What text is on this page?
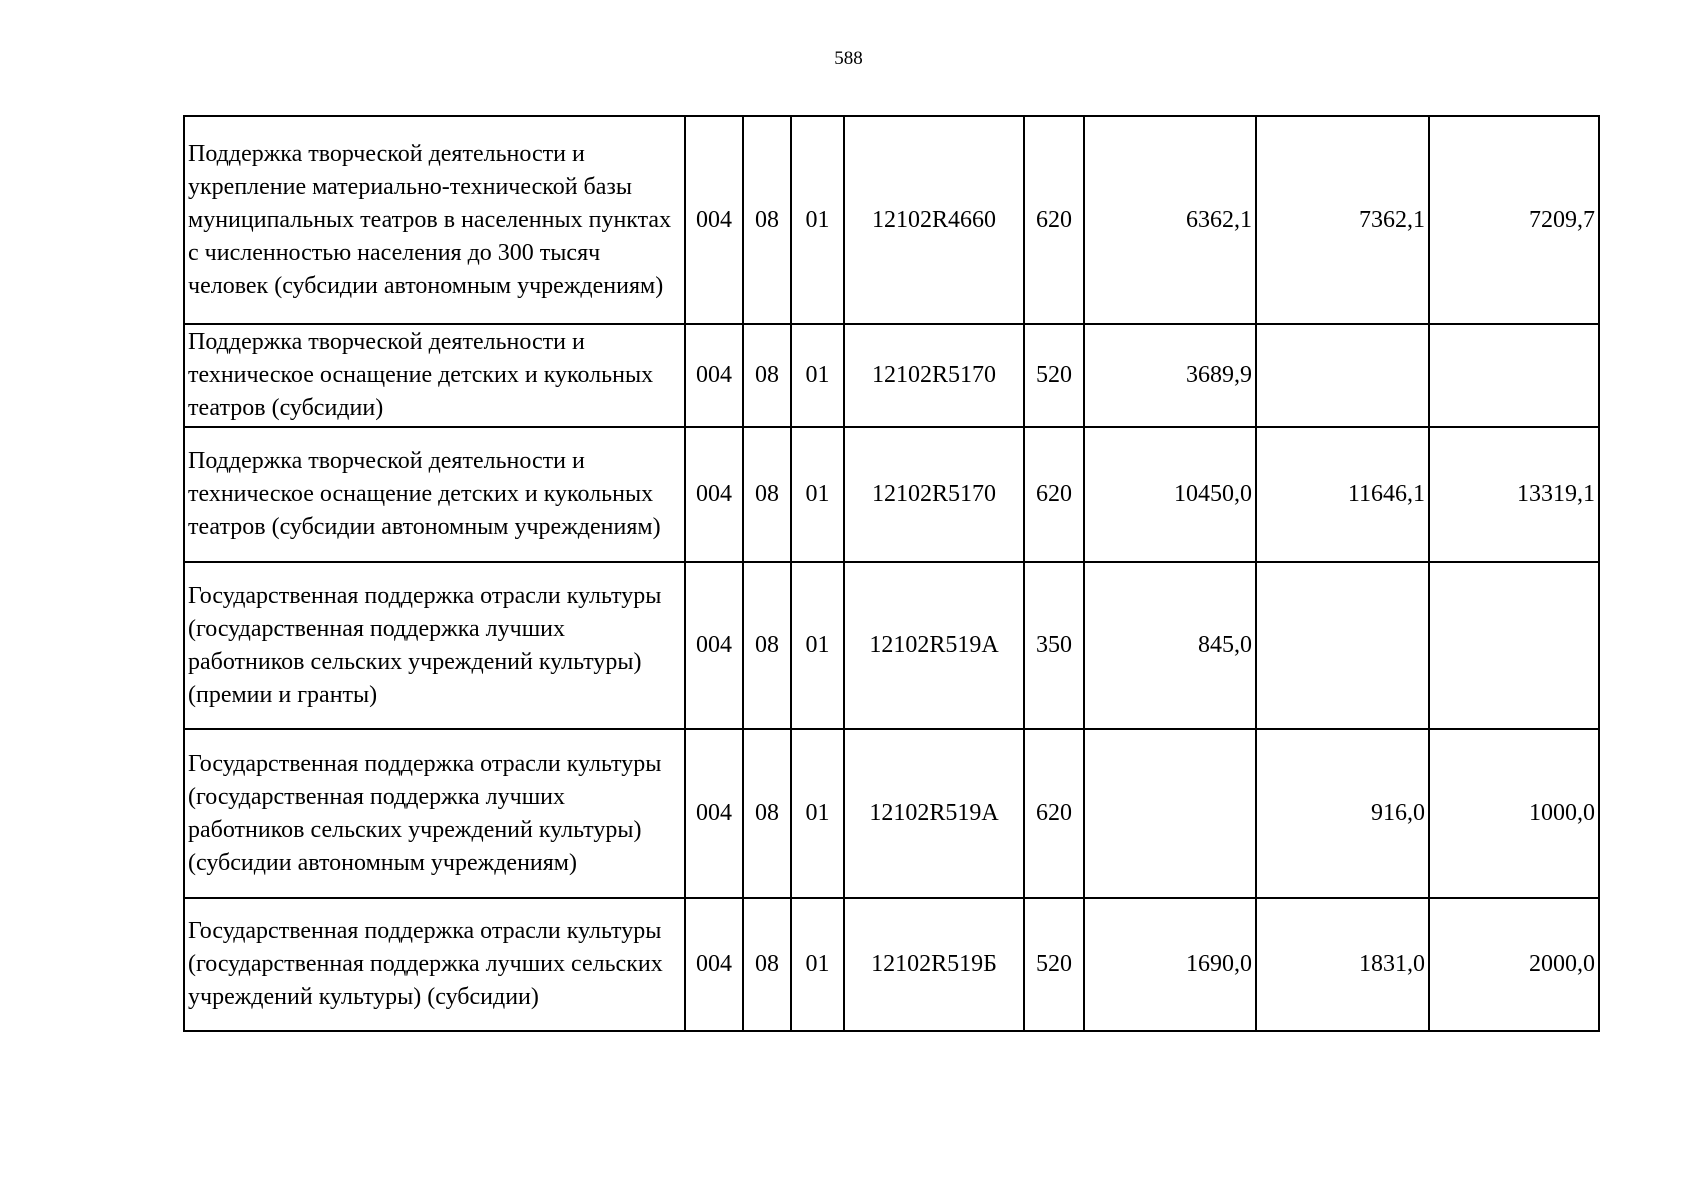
588
Поддержка творческой деятельности и укрепление материально-технической базы муниципальных театров в населенных пунктах с численностью населения до 300 тысяч человек (субсидии автономным учреждениям)	004	08	01	12102R4660	620	6362,1	7362,1	7209,7
Поддержка творческой деятельности и техническое оснащение детских и кукольных театров (субсидии)	004	08	01	12102R5170	520	3689,9		
Поддержка творческой деятельности и техническое оснащение детских и кукольных театров (субсидии автономным учреждениям)	004	08	01	12102R5170	620	10450,0	11646,1	13319,1
Государственная поддержка отрасли культуры (государственная поддержка лучших работников сельских учреждений культуры) (премии и гранты)	004	08	01	12102R519А	350	845,0		
Государственная поддержка отрасли культуры (государственная поддержка лучших работников сельских учреждений культуры) (субсидии автономным учреждениям)	004	08	01	12102R519А	620		916,0	1000,0
Государственная поддержка отрасли культуры (государственная поддержка лучших сельских учреждений культуры) (субсидии)	004	08	01	12102R519Б	520	1690,0	1831,0	2000,0
